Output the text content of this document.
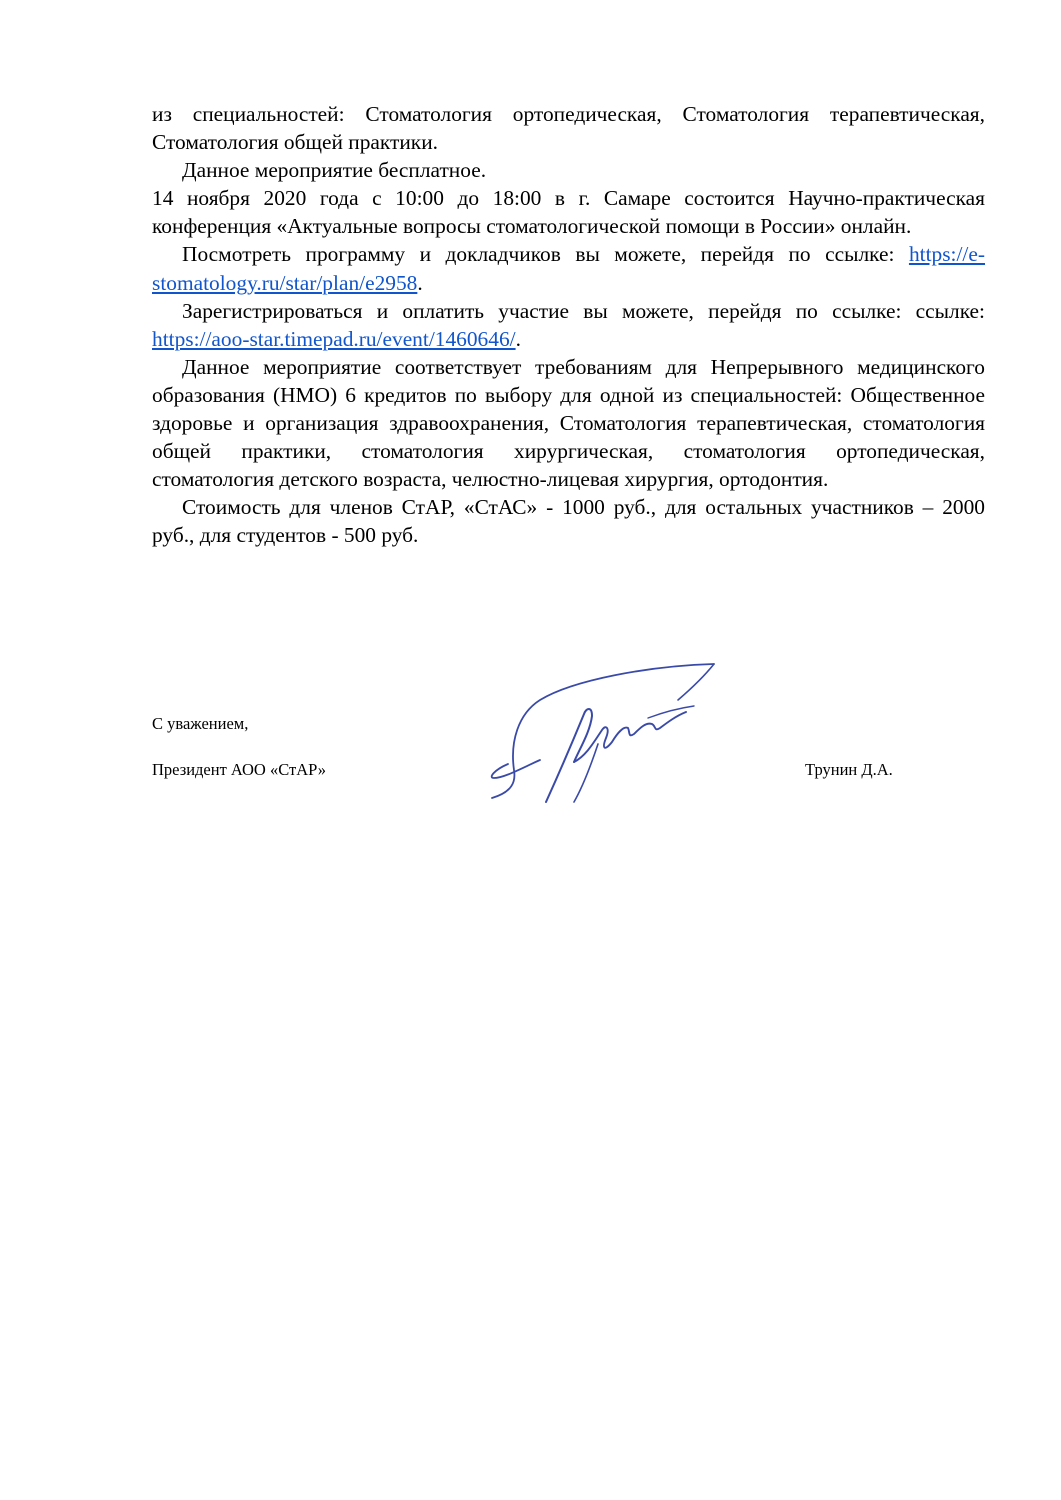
из специальностей: Стоматология ортопедическая, Стоматология терапевтическая, Стоматология общей практики.

Данное мероприятие бесплатное.

14 ноября 2020 года с 10:00 до 18:00 в г. Самаре состоится Научно-практическая конференция «Актуальные вопросы стоматологической помощи в России» онлайн.

Посмотреть программу и докладчиков вы можете, перейдя по ссылке: https://e-stomatology.ru/star/plan/e2958.

Зарегистрироваться и оплатить участие вы можете, перейдя по ссылке: ссылке: https://aoo-star.timepad.ru/event/1460646/.

Данное мероприятие соответствует требованиям для Непрерывного медицинского образования (НМО) 6 кредитов по выбору для одной из специальностей: Общественное здоровье и организация здравоохранения, Стоматология терапевтическая, стоматология общей практики, стоматология хирургическая, стоматология ортопедическая, стоматология детского возраста, челюстно-лицевая хирургия, ортодонтия.

Стоимость для членов СтАР, «СтАС» - 1000 руб., для остальных участников – 2000 руб., для студентов - 500 руб.

С уважением,
Президент АОО «СтАР»	Трунин Д.А.
